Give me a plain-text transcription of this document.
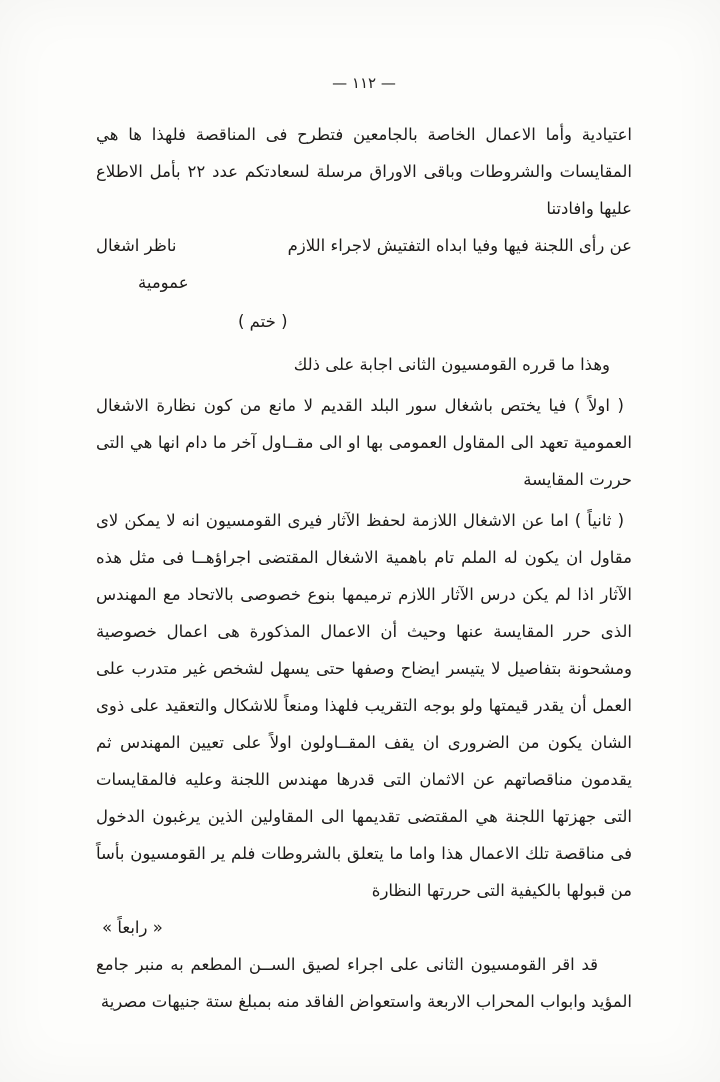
— ١١٢ —

اعتيادية وأما الاعمال الخاصة بالجامعين فتطرح فى المناقصة فلهذا ها هي المقايسات والشروطات وباقى الاوراق مرسلة لسعادتكم عدد ٢٢ بأمل الاطلاع عليها وافادتنا

عن رأى اللجنة فيها وفيا ابداه التفتيش لاجراء اللازم
ناظر اشغال
عمومية
( ختم )

وهذا ما قرره القومسيون الثانى اجابة على ذلك

( اولاً ) فيا يختص باشغال سور البلد القديم لا مانع من كون نظارة الاشغال العمومية تعهد الى المقاول العمومى بها او الى مقــاول آخر ما دام انها هي التى حررت المقايسة

( ثانياً ) اما عن الاشغال اللازمة لحفظ الآثار فيرى القومسيون انه لا يمكن لاى مقاول ان يكون له الملم تام باهمية الاشغال المقتضى اجراؤهــا فى مثل هذه الآثار اذا لم يكن درس الآثار اللازم ترميمها بنوع خصوصى بالاتحاد مع المهندس الذى حرر المقايسة عنها وحيث أن الاعمال المذكورة هى اعمال خصوصية ومشحونة بتفاصيل لا يتيسر ايضاح وصفها حتى يسهل لشخص غير متدرب على العمل أن يقدر قيمتها ولو بوجه التقريب فلهذا ومنعاً للاشكال والتعقيد على ذوى الشان يكون من الضرورى ان يقف المقــاولون اولاً على تعيين المهندس ثم يقدمون مناقصاتهم عن الاثمان التى قدرها مهندس اللجنة وعليه فالمقايسات التى جهزتها اللجنة هي المقتضى تقديمها الى المقاولين الذين يرغبون الدخول فى مناقصة تلك الاعمال هذا واما ما يتعلق بالشروطات فلم ير القومسيون بأساً من قبولها بالكيفية التى حررتها النظارة

« رابعاً »

قد اقر القومسيون الثانى على اجراء لصيق الســن المطعم به منبر جامع المؤيد وابواب المحراب الاربعة واستعواض الفاقد منه بمبلغ ستة جنيهات مصرية
